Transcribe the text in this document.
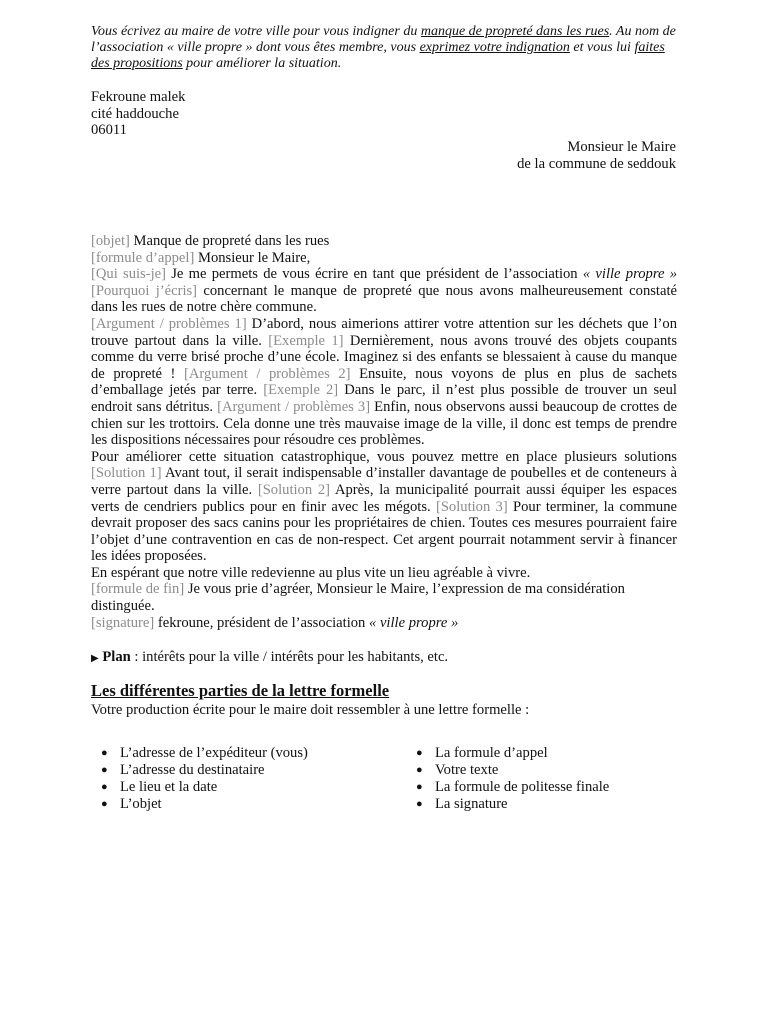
Vous écrivez au maire de votre ville pour vous indigner du manque de propreté dans les rues. Au nom de l’association « ville propre » dont vous êtes membre, vous exprimez votre indignation et vous lui faites des propositions pour améliorer la situation.
Fekroune malek
cité haddouche
06011
Monsieur le Maire
de la commune de seddouk

[objet] Manque de propreté dans les rues

[formule d’appel] Monsieur le Maire,

[Qui suis-je] Je me permets de vous écrire en tant que président de l’association « ville propre » [Pourquoi j’écris] concernant le manque de propreté que nous avons malheureusement constaté dans les rues de notre chère commune.

[Argument / problèmes 1] D’abord, nous aimerions attirer votre attention sur les déchets que l’on trouve partout dans la ville. [Exemple 1] Dernièrement, nous avons trouvé des objets coupants comme du verre brisé proche d’une école. Imaginez si des enfants se blessaient à cause du manque de propreté ! [Argument / problèmes 2] Ensuite, nous voyons de plus en plus de sachets d’emballage jetés par terre. [Exemple 2] Dans le parc, il n’est plus possible de trouver un seul endroit sans détritus. [Argument / problèmes 3] Enfin, nous observons aussi beaucoup de crottes de chien sur les trottoirs. Cela donne une très mauvaise image de la ville, il donc est temps de prendre les dispositions nécessaires pour résoudre ces problèmes.

Pour améliorer cette situation catastrophique, vous pouvez mettre en place plusieurs solutions [Solution 1] Avant tout, il serait indispensable d’installer davantage de poubelles et de conteneurs à verre partout dans la ville. [Solution 2] Après, la municipalité pourrait aussi équiper les espaces verts de cendriers publics pour en finir avec les mégots. [Solution 3] Pour terminer, la commune devrait proposer des sacs canins pour les propriétaires de chien. Toutes ces mesures pourraient faire l’objet d’une contravention en cas de non-respect. Cet argent pourrait notamment servir à financer les idées proposées.

En espérant que notre ville redevienne au plus vite un lieu agréable à vivre.

[formule de fin] Je vous prie d’agréer, Monsieur le Maire, l’expression de ma considération distinguée.

[signature] fekroune, président de l’association « ville propre »

▶ Plan : intérêts pour la ville / intérêts pour les habitants, etc.
Les différentes parties de la lettre formelle
Votre production écrite pour le maire doit ressembler à une lettre formelle :
● L’adresse de l’expéditeur (vous)
● L’adresse du destinataire
● Le lieu et la date
● L’objet
● La formule d’appel
● Votre texte
● La formule de politesse finale
● La signature
